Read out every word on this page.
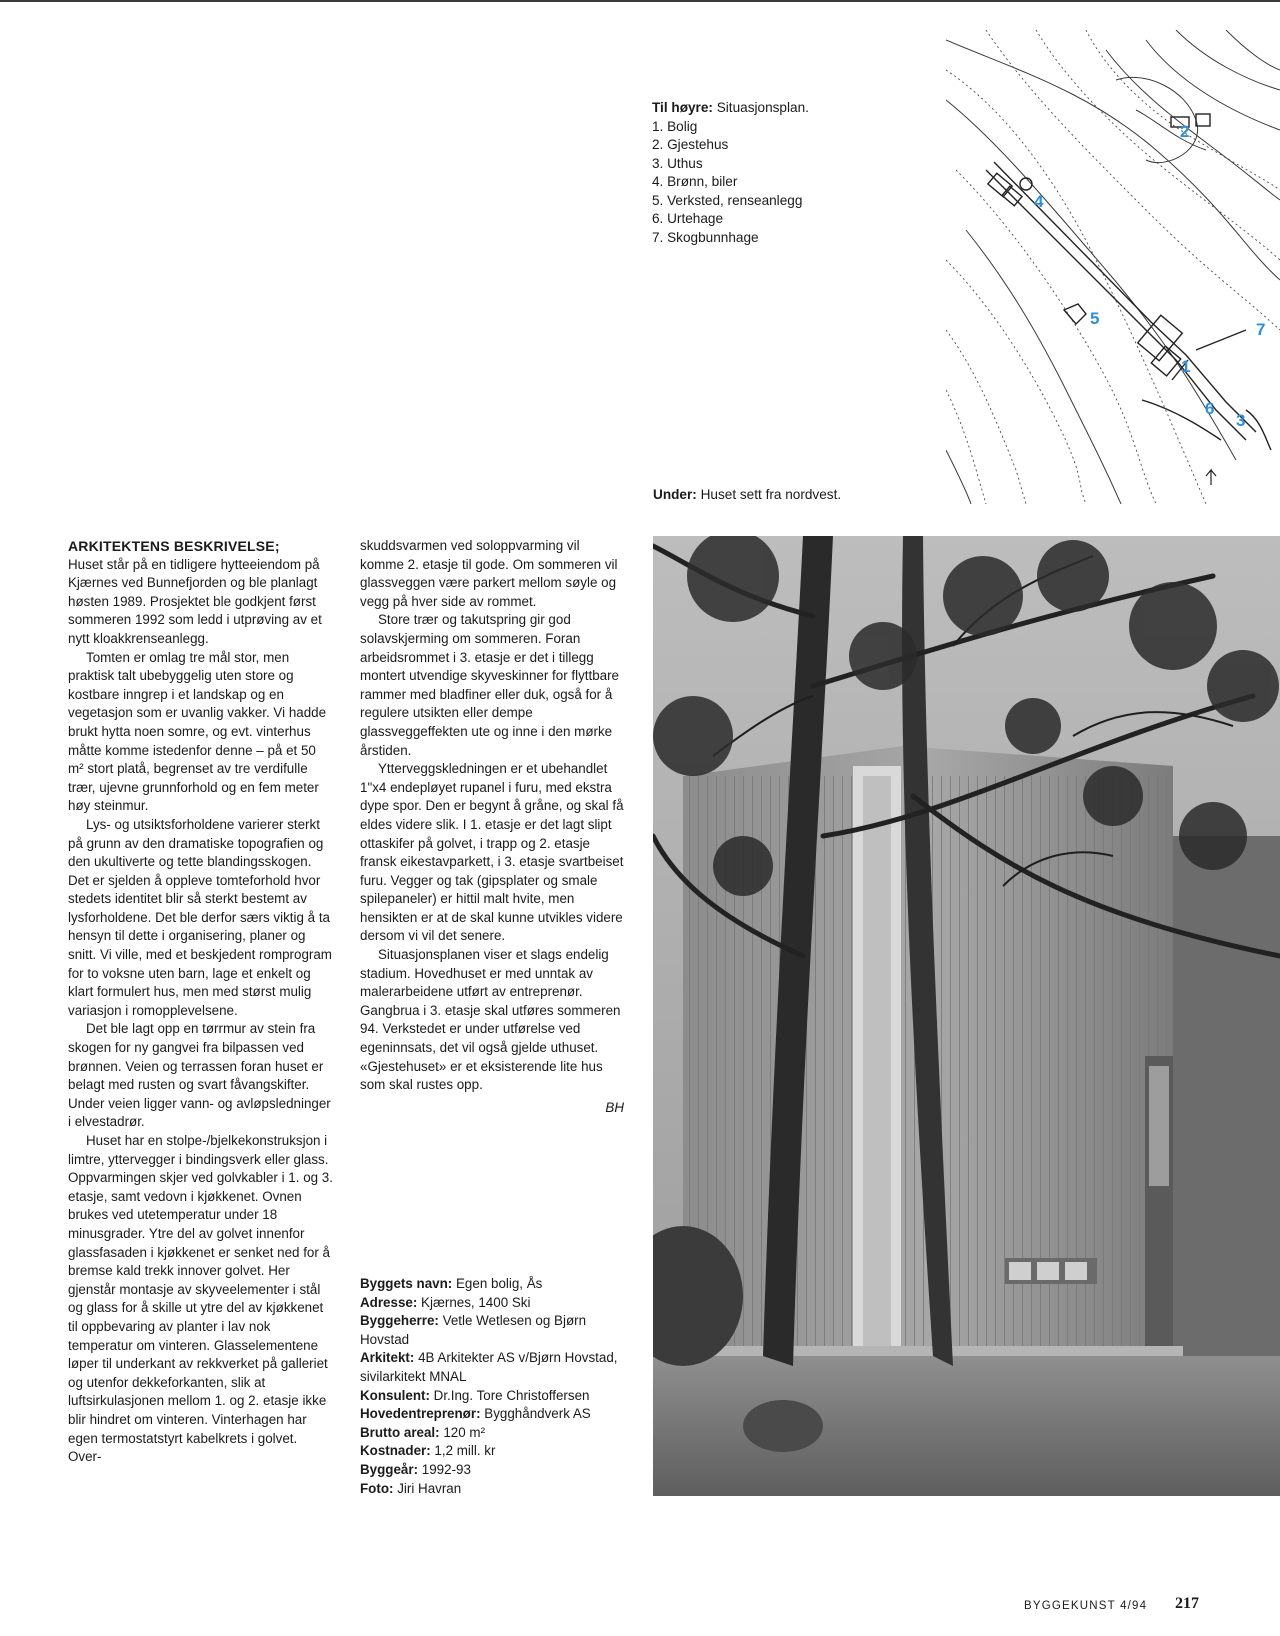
Til høyre: Situasjonsplan.
1. Bolig
2. Gjestehus
3. Uthus
4. Brønn, biler
5. Verksted, renseanlegg
6. Urtehage
7. Skogbunnhage
2
4
5
7
1
6
3
Under: Huset sett fra nordvest.
ARKITEKTENS BESKRIVELSE;

Huset står på en tidligere hytteeiendom på Kjærnes ved Bunnefjorden og ble planlagt høsten 1989. Prosjektet ble godkjent først sommeren 1992 som ledd i utprøving av et nytt kloakkrenseanlegg.

Tomten er omlag tre mål stor, men praktisk talt ubebyggelig uten store og kostbare inngrep i et landskap og en vegetasjon som er uvanlig vakker. Vi hadde brukt hytta noen somre, og evt. vinterhus måtte komme istedenfor denne – på et 50 m² stort platå, begrenset av tre verdifulle trær, ujevne grunnforhold og en fem meter høy steinmur.

Lys- og utsiktsforholdene varierer sterkt på grunn av den dramatiske topografien og den ukultiverte og tette blandingsskogen. Det er sjelden å oppleve tomteforhold hvor stedets identitet blir så sterkt bestemt av lysforholdene. Det ble derfor særs viktig å ta hensyn til dette i organisering, planer og snitt. Vi ville, med et beskjedent romprogram for to voksne uten barn, lage et enkelt og klart formulert hus, men med størst mulig variasjon i romopplevelsene.

Det ble lagt opp en tørrmur av stein fra skogen for ny gangvei fra bilpassen ved brønnen. Veien og terrassen foran huset er belagt med rusten og svart fåvangskifter. Under veien ligger vann- og avløpsledninger i elvestadrør.

Huset har en stolpe-/bjelkekonstruksjon i limtre, yttervegger i bindingsverk eller glass. Oppvarmingen skjer ved golvkabler i 1. og 3. etasje, samt vedovn i kjøkkenet. Ovnen brukes ved utetemperatur under 18 minusgrader. Ytre del av golvet innenfor glassfasaden i kjøkkenet er senket ned for å bremse kald trekk innover golvet. Her gjenstår montasje av skyveelementer i stål og glass for å skille ut ytre del av kjøkkenet til oppbevaring av planter i lav nok temperatur om vinteren. Glasselementene løper til underkant av rekkverket på galleriet og utenfor dekkeforkanten, slik at luftsirkulasjonen mellom 1. og 2. etasje ikke blir hindret om vinteren. Vinterhagen har egen termostatstyrt kabelkrets i golvet. Over-

skuddsvarmen ved soloppvarming vil komme 2. etasje til gode. Om sommeren vil glassveggen være parkert mellom søyle og vegg på hver side av rommet.

Store trær og takutspring gir god solavskjerming om sommeren. Foran arbeidsrommet i 3. etasje er det i tillegg montert utvendige skyveskinner for flyttbare rammer med bladfiner eller duk, også for å regulere utsikten eller dempe glassveggeffekten ute og inne i den mørke årstiden.

Ytterveggskledningen er et ubehandlet 1"x4 endepløyet rupanel i furu, med ekstra dype spor. Den er begynt å gråne, og skal få eldes videre slik. I 1. etasje er det lagt slipt ottaskifer på golvet, i trapp og 2. etasje fransk eikestavparkett, i 3. etasje svartbeiset furu. Vegger og tak (gipsplater og smale spilepaneler) er hittil malt hvite, men hensikten er at de skal kunne utvikles videre dersom vi vil det senere.

Situasjonsplanen viser et slags endelig stadium. Hovedhuset er med unntak av malerarbeidene utført av entreprenør. Gangbrua i 3. etasje skal utføres sommeren 94. Verkstedet er under utførelse ved egeninnsats, det vil også gjelde uthuset. «Gjestehuset» er et eksisterende lite hus som skal rustes opp.

BH
Byggets navn: Egen bolig, Ås
Adresse: Kjærnes, 1400 Ski
Byggeherre: Vetle Wetlesen og Bjørn Hovstad
Arkitekt: 4B Arkitekter AS v/Bjørn Hovstad, sivilarkitekt MNAL
Konsulent: Dr.Ing. Tore Christoffersen
Hovedentreprenør: Bygghåndverk AS
Brutto areal: 120 m²
Kostnader: 1,2 mill. kr
Byggeår: 1992-93
Foto: Jiri Havran
BYGGEKUNST 4/94 217
